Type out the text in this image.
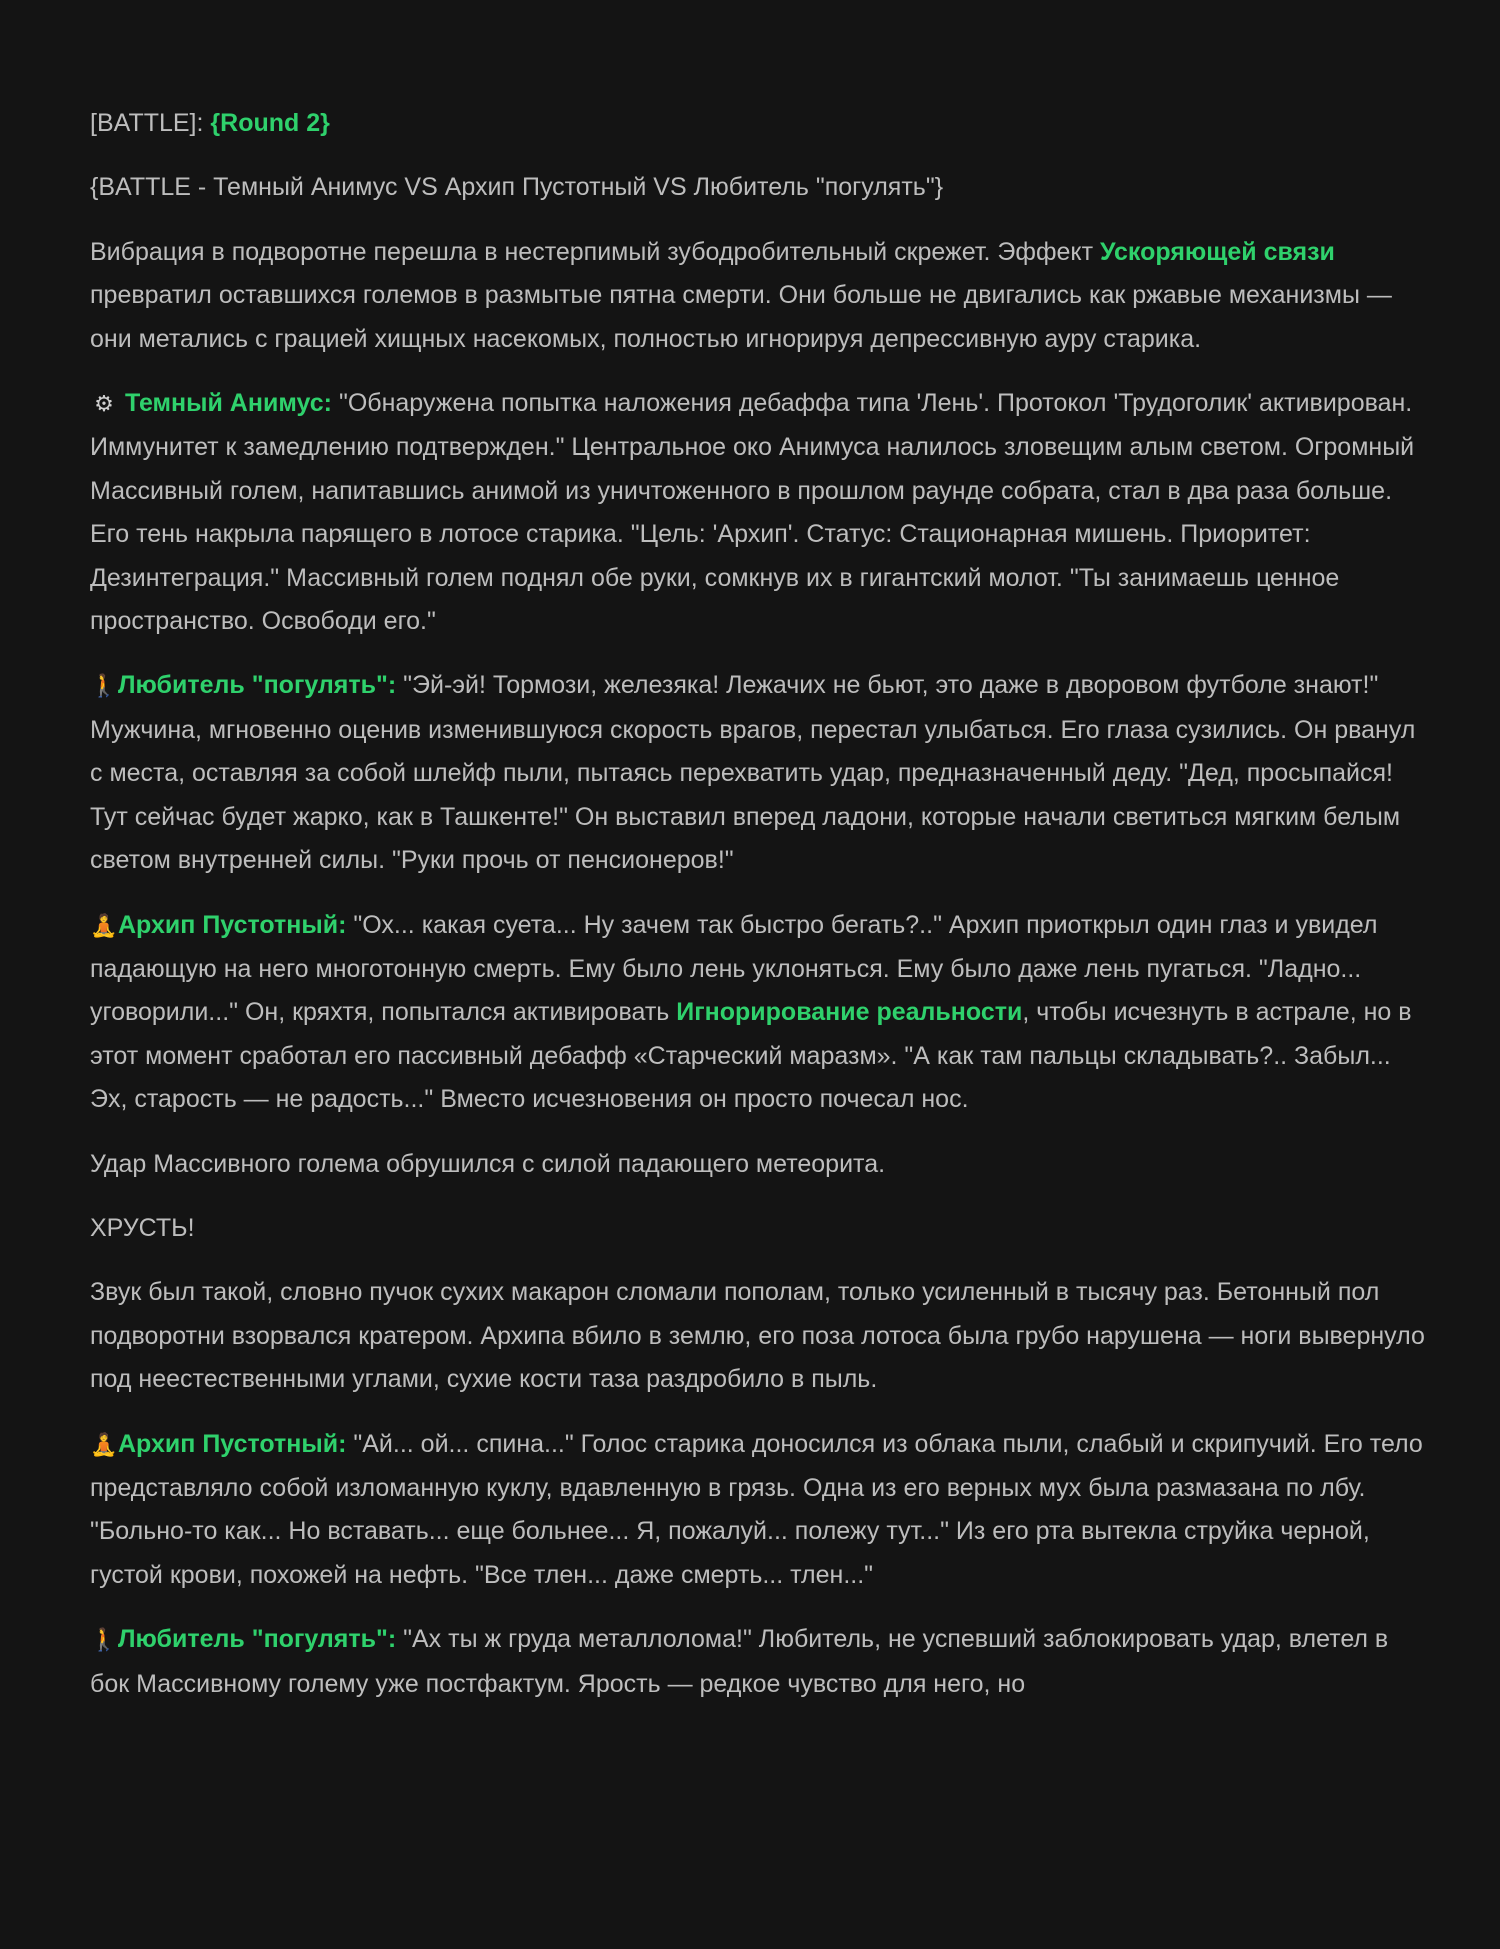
[BATTLE]: {Round 2}

{BATTLE - Темный Анимус VS Архип Пустотный VS Любитель "погулять"}

Вибрация в подворотне перешла в нестерпимый зубодробительный скрежет. Эффект Ускоряющей связи превратил оставшихся големов в размытые пятна смерти. Они больше не двигались как ржавые механизмы — они метались с грацией хищных насекомых, полностью игнорируя депрессивную ауру старика.

⚙ Темный Анимус: "Обнаружена попытка наложения дебаффа типа 'Лень'. Протокол 'Трудоголик' активирован. Иммунитет к замедлению подтвержден." Центральное око Анимуса налилось зловещим алым светом. Огромный Массивный голем, напитавшись анимой из уничтоженного в прошлом раунде собрата, стал в два раза больше. Его тень накрыла парящего в лотосе старика. "Цель: 'Архип'. Статус: Стационарная мишень. Приоритет: Дезинтеграция." Массивный голем поднял обе руки, сомкнув их в гигантский молот. "Ты занимаешь ценное пространство. Освободи его."

🚶Любитель "погулять": "Эй-эй! Тормози, железяка! Лежачих не бьют, это даже в дворовом футболе знают!" Мужчина, мгновенно оценив изменившуюся скорость врагов, перестал улыбаться. Его глаза сузились. Он рванул с места, оставляя за собой шлейф пыли, пытаясь перехватить удар, предназначенный деду. "Дед, просыпайся! Тут сейчас будет жарко, как в Ташкенте!" Он выставил вперед ладони, которые начали светиться мягким белым светом внутренней силы. "Руки прочь от пенсионеров!"

🧘Архип Пустотный: "Ох... какая суета... Ну зачем так быстро бегать?.." Архип приоткрыл один глаз и увидел падающую на него многотонную смерть. Ему было лень уклоняться. Ему было даже лень пугаться. "Ладно... уговорили..." Он, кряхтя, попытался активировать Игнорирование реальности, чтобы исчезнуть в астрале, но в этот момент сработал его пассивный дебафф «Старческий маразм». "А как там пальцы складывать?.. Забыл... Эх, старость — не радость..." Вместо исчезновения он просто почесал нос.

Удар Массивного голема обрушился с силой падающего метеорита.

ХРУСТЬ!

Звук был такой, словно пучок сухих макарон сломали пополам, только усиленный в тысячу раз. Бетонный пол подворотни взорвался кратером. Архипа вбило в землю, его поза лотоса была грубо нарушена — ноги вывернуло под неестественными углами, сухие кости таза раздробило в пыль.

🧘Архип Пустотный: "Ай... ой... спина..." Голос старика доносился из облака пыли, слабый и скрипучий. Его тело представляло собой изломанную куклу, вдавленную в грязь. Одна из его верных мух была размазана по лбу. "Больно-то как... Но вставать... еще больнее... Я, пожалуй... полежу тут..." Из его рта вытекла струйка черной, густой крови, похожей на нефть. "Все тлен... даже смерть... тлен..."

🚶Любитель "погулять": "Ах ты ж груда металлолома!" Любитель, не успевший заблокировать удар, влетел в бок Массивному голему уже постфактум. Ярость — редкое чувство для него, но
